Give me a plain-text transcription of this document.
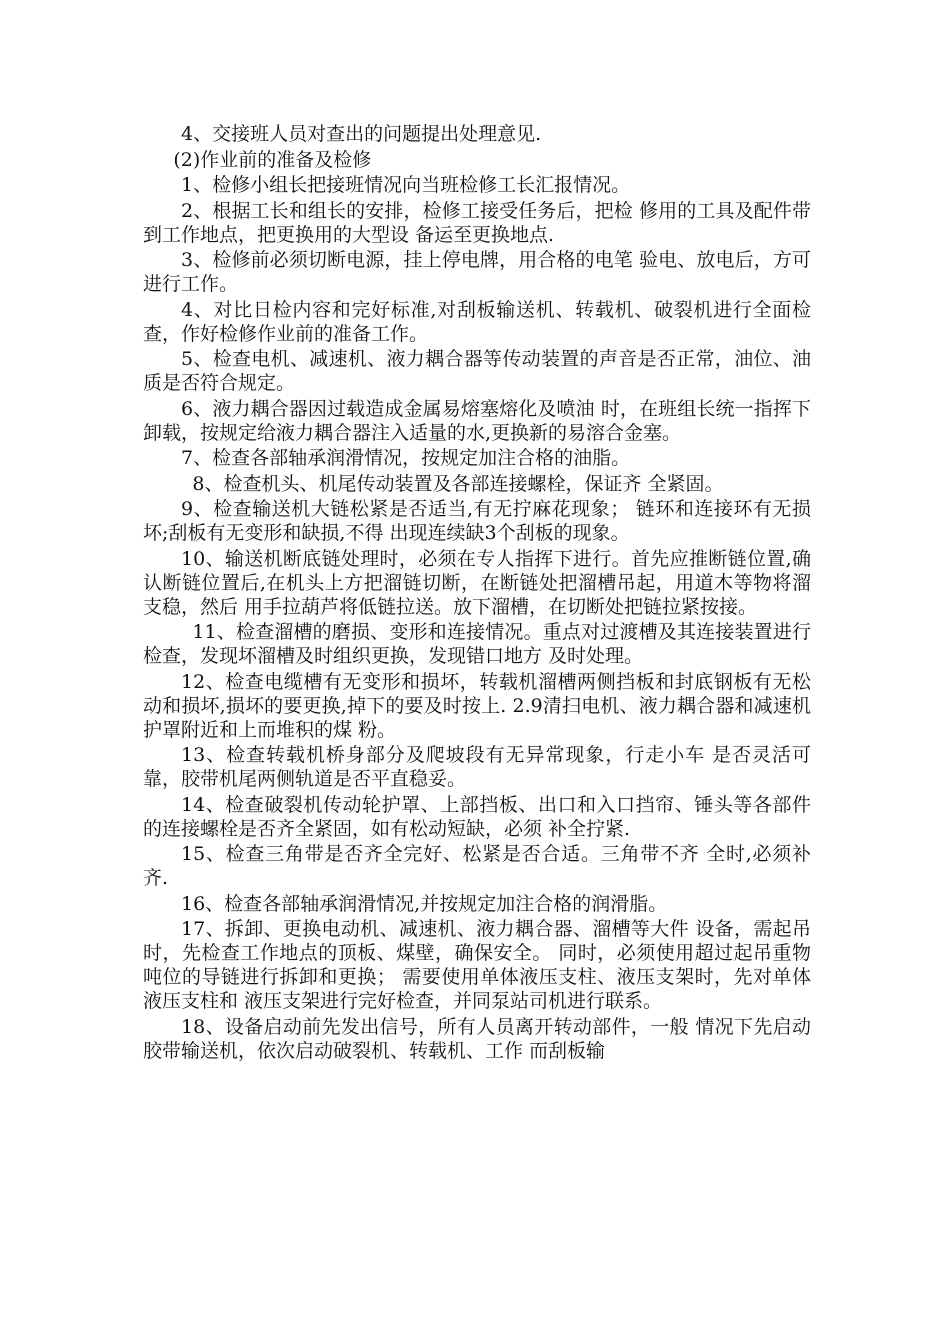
4、交接班人员对查出的问题提出处理意见.

(2)作业前的准备及检修

1、检修小组长把接班情况向当班检修工长汇报情况。

2、根据工长和组长的安排，检修工接受任务后，把检 修用的工具及配件带到工作地点，把更换用的大型设 备运至更换地点.

3、检修前必须切断电源，挂上停电牌，用合格的电笔 验电、放电后，方可进行工作。

4、对比日检内容和完好标准,对刮板输送机、转载机、破裂机进行全面检查，作好检修作业前的准备工作。

5、检查电机、减速机、液力耦合器等传动装置的声音是否正常，油位、油质是否符合规定。

6、液力耦合器因过载造成金属易熔塞熔化及喷油 时，在班组长统一指挥下卸载，按规定给液力耦合器注入适量的水,更换新的易溶合金塞。

7、检查各部轴承润滑情况，按规定加注合格的油脂。

8、检查机头、机尾传动装置及各部连接螺栓，保证齐 全紧固。

9、检查输送机大链松紧是否适当,有无拧麻花现象； 链环和连接环有无损坏;刮板有无变形和缺损,不得 出现连续缺3个刮板的现象。

10、输送机断底链处理时，必须在专人指挥下进行。首先应推断链位置,确认断链位置后,在机头上方把溜链切断，在断链处把溜槽吊起，用道木等物将溜支稳，然后 用手拉葫芦将低链拉送。放下溜槽，在切断处把链拉紧按接。

11、检查溜槽的磨损、变形和连接情况。重点对过渡槽及其连接装置进行检查，发现坏溜槽及时组织更换，发现错口地方 及时处理。

12、检查电缆槽有无变形和损坏，转载机溜槽两侧挡板和封底钢板有无松动和损坏,损坏的要更换,掉下的要及时按上. 2.9清扫电机、液力耦合器和减速机护罩附近和上而堆积的煤 粉。

13、检查转载机桥身部分及爬坡段有无异常现象，行走小车 是否灵活可靠，胶带机尾两侧轨道是否平直稳妥。

14、检查破裂机传动轮护罩、上部挡板、出口和入口挡帘、锤头等各部件的连接螺栓是否齐全紧固，如有松动短缺，必须 补全拧紧.

15、检查三角带是否齐全完好、松紧是否合适。三角带不齐 全时,必须补齐.

16、检查各部轴承润滑情况,并按规定加注合格的润滑脂。

17、拆卸、更换电动机、减速机、液力耦合器、溜槽等大件 设备，需起吊时，先检查工作地点的顶板、煤壁，确保安全。 同时，必须使用超过起吊重物吨位的导链进行拆卸和更换； 需要使用单体液压支柱、液压支架时，先对单体液压支柱和 液压支架进行完好检查，并同泵站司机进行联系。

18、设备启动前先发出信号，所有人员离开转动部件，一般 情况下先启动胶带输送机，依次启动破裂机、转载机、工作 而刮板输
